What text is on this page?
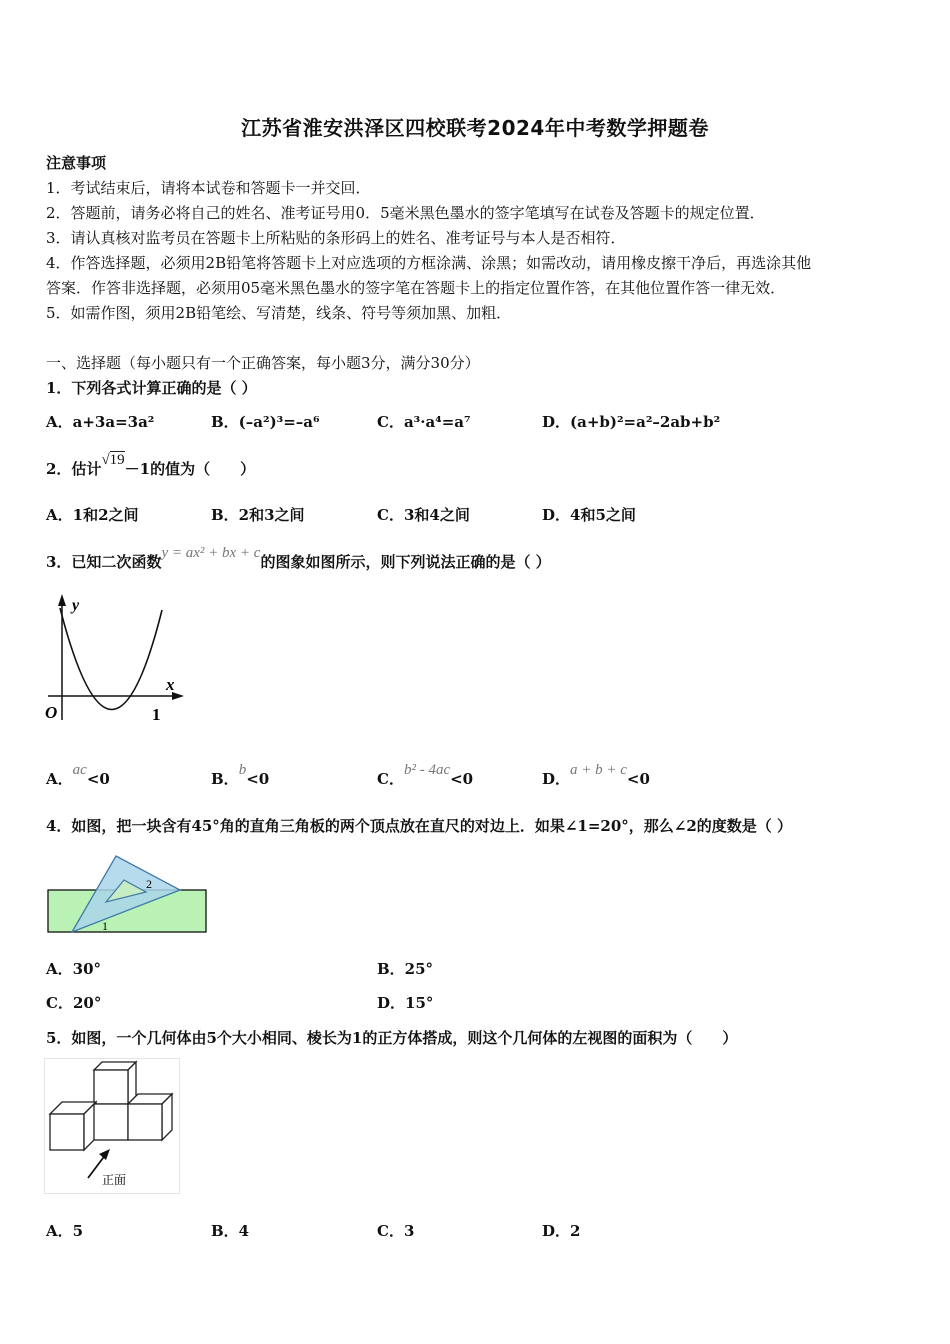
江苏省淮安洪泽区四校联考2024年中考数学押题卷
注意事项
1．考试结束后，请将本试卷和答题卡一并交回．
2．答题前，请务必将自己的姓名、准考证号用0．5毫米黑色墨水的签字笔填写在试卷及答题卡的规定位置．
3．请认真核对监考员在答题卡上所粘贴的条形码上的姓名、准考证号与本人是否相符．
4．作答选择题，必须用2B铅笔将答题卡上对应选项的方框涂满、涂黑；如需改动，请用橡皮擦干净后，再选涂其他
答案．作答非选择题，必须用05毫米黑色墨水的签字笔在答题卡上的指定位置作答，在其他位置作答一律无效．
5．如需作图，须用2B铅笔绘、写清楚，线条、符号等须加黑、加粗．
一、选择题（每小题只有一个正确答案，每小题3分，满分30分）
1．下列各式计算正确的是（ ）
A．a+3a=3a²	B．(–a²)³=–a⁶	C．a³·a⁴=a⁷	D．(a+b)²=a²–2ab+b²
2．估计√19－1的值为（　　）
A．1和2之间	B．2和3之间	C．3和4之间	D．4和5之间
3．已知二次函数y = ax² + bx + c的图象如图所示，则下列说法正确的是（ ）
y
x
O	1
A．ac<0	B．b<0	C．b² - 4ac<0	D．a + b + c<0
4．如图，把一块含有45°角的直角三角板的两个顶点放在直尺的对边上．如果∠1=20°，那么∠2的度数是（ ）
2
1
A．30°	B．25°
C．20°	D．15°
5．如图，一个几何体由5个大小相同、棱长为1的正方体搭成，则这个几何体的左视图的面积为（　　）
正面
A．5	B．4	C．3	D．2
